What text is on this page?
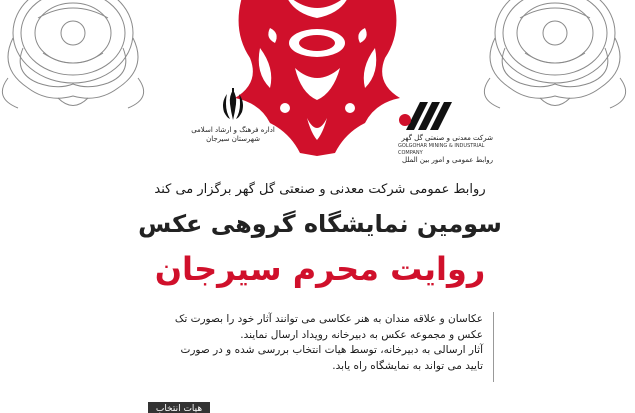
اداره فرهنگ و ارشاد اسلامی
شهرستان سیرجان	شرکت معدنی و صنعتی گل گهر
GOLGOHAR MINING & INDUSTRIAL COMPANY
روابط عمومی و امور بین الملل
روابط عمومی شرکت معدنی و صنعتی گل گهر برگزار می کند
سومین نمایشگاه گروهی عکس
روایت محرم سیرجان

عکاسان و علاقه مندان به هنر عکاسی می توانند آثار خود را بصورت تک

عکس و مجموعه عکس به دبیرخانه رویداد ارسال نمایند.

آثار ارسالی به دبیرخانه، توسط هیات انتخاب بررسی شده و در صورت

تایید می تواند به نمایشگاه راه یابد.

هیات انتخاب
